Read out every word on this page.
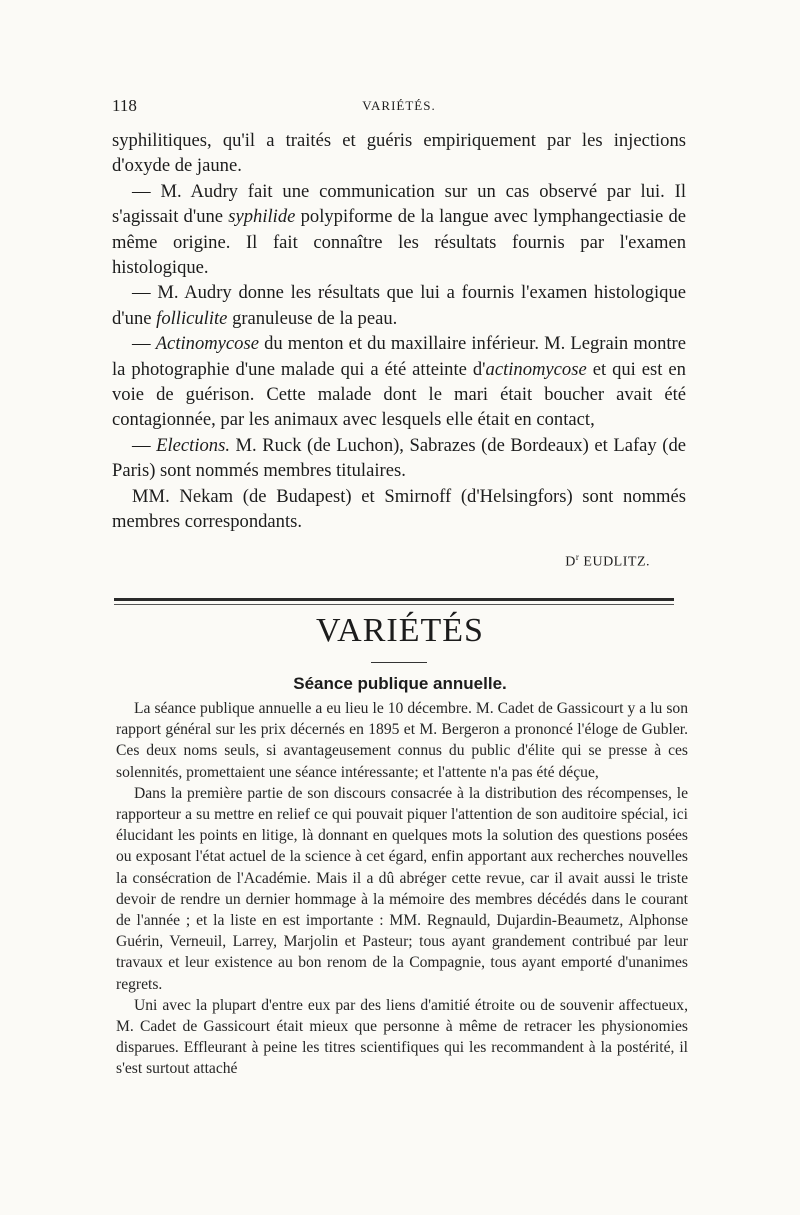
118	VARIÉTÉS.

syphilitiques, qu'il a traités et guéris empiriquement par les injections d'oxyde de jaune.

— M. Audry fait une communication sur un cas observé par lui. Il s'agissait d'une syphilide polypiforme de la langue avec lymphangectiasie de même origine. Il fait connaître les résultats fournis par l'examen histologique.

— M. Audry donne les résultats que lui a fournis l'examen histologique d'une folliculite granuleuse de la peau.

— Actinomycose du menton et du maxillaire inférieur. M. Legrain montre la photographie d'une malade qui a été atteinte d'actinomycose et qui est en voie de guérison. Cette malade dont le mari était boucher avait été contagionnée, par les animaux avec lesquels elle était en contact,

— Elections. M. Ruck (de Luchon), Sabrazes (de Bordeaux) et Lafay (de Paris) sont nommés membres titulaires.

MM. Nekam (de Budapest) et Smirnoff (d'Helsingfors) sont nommés membres correspondants.

$D^r$ EUDLITZ.
VARIÉTÉS
Séance publique annuelle.

La séance publique annuelle a eu lieu le 10 décembre. M. Cadet de Gassicourt y a lu son rapport général sur les prix décernés en 1895 et M. Bergeron a prononcé l'éloge de Gubler. Ces deux noms seuls, si avantageusement connus du public d'élite qui se presse à ces solennités, promettaient une séance intéressante; et l'attente n'a pas été déçue,

Dans la première partie de son discours consacrée à la distribution des récompenses, le rapporteur a su mettre en relief ce qui pouvait piquer l'attention de son auditoire spécial, ici élucidant les points en litige, là donnant en quelques mots la solution des questions posées ou exposant l'état actuel de la science à cet égard, enfin apportant aux recherches nouvelles la consécration de l'Académie. Mais il a dû abréger cette revue, car il avait aussi le triste devoir de rendre un dernier hommage à la mémoire des membres décédés dans le courant de l'année ; et la liste en est importante : MM. Regnauld, Dujardin-Beaumetz, Alphonse Guérin, Verneuil, Larrey, Marjolin et Pasteur; tous ayant grandement contribué par leur travaux et leur existence au bon renom de la Compagnie, tous ayant emporté d'unanimes regrets.

Uni avec la plupart d'entre eux par des liens d'amitié étroite ou de souvenir affectueux, M. Cadet de Gassicourt était mieux que personne à même de retracer les physionomies disparues. Effleurant à peine les titres scientifiques qui les recommandent à la postérité, il s'est surtout attaché
